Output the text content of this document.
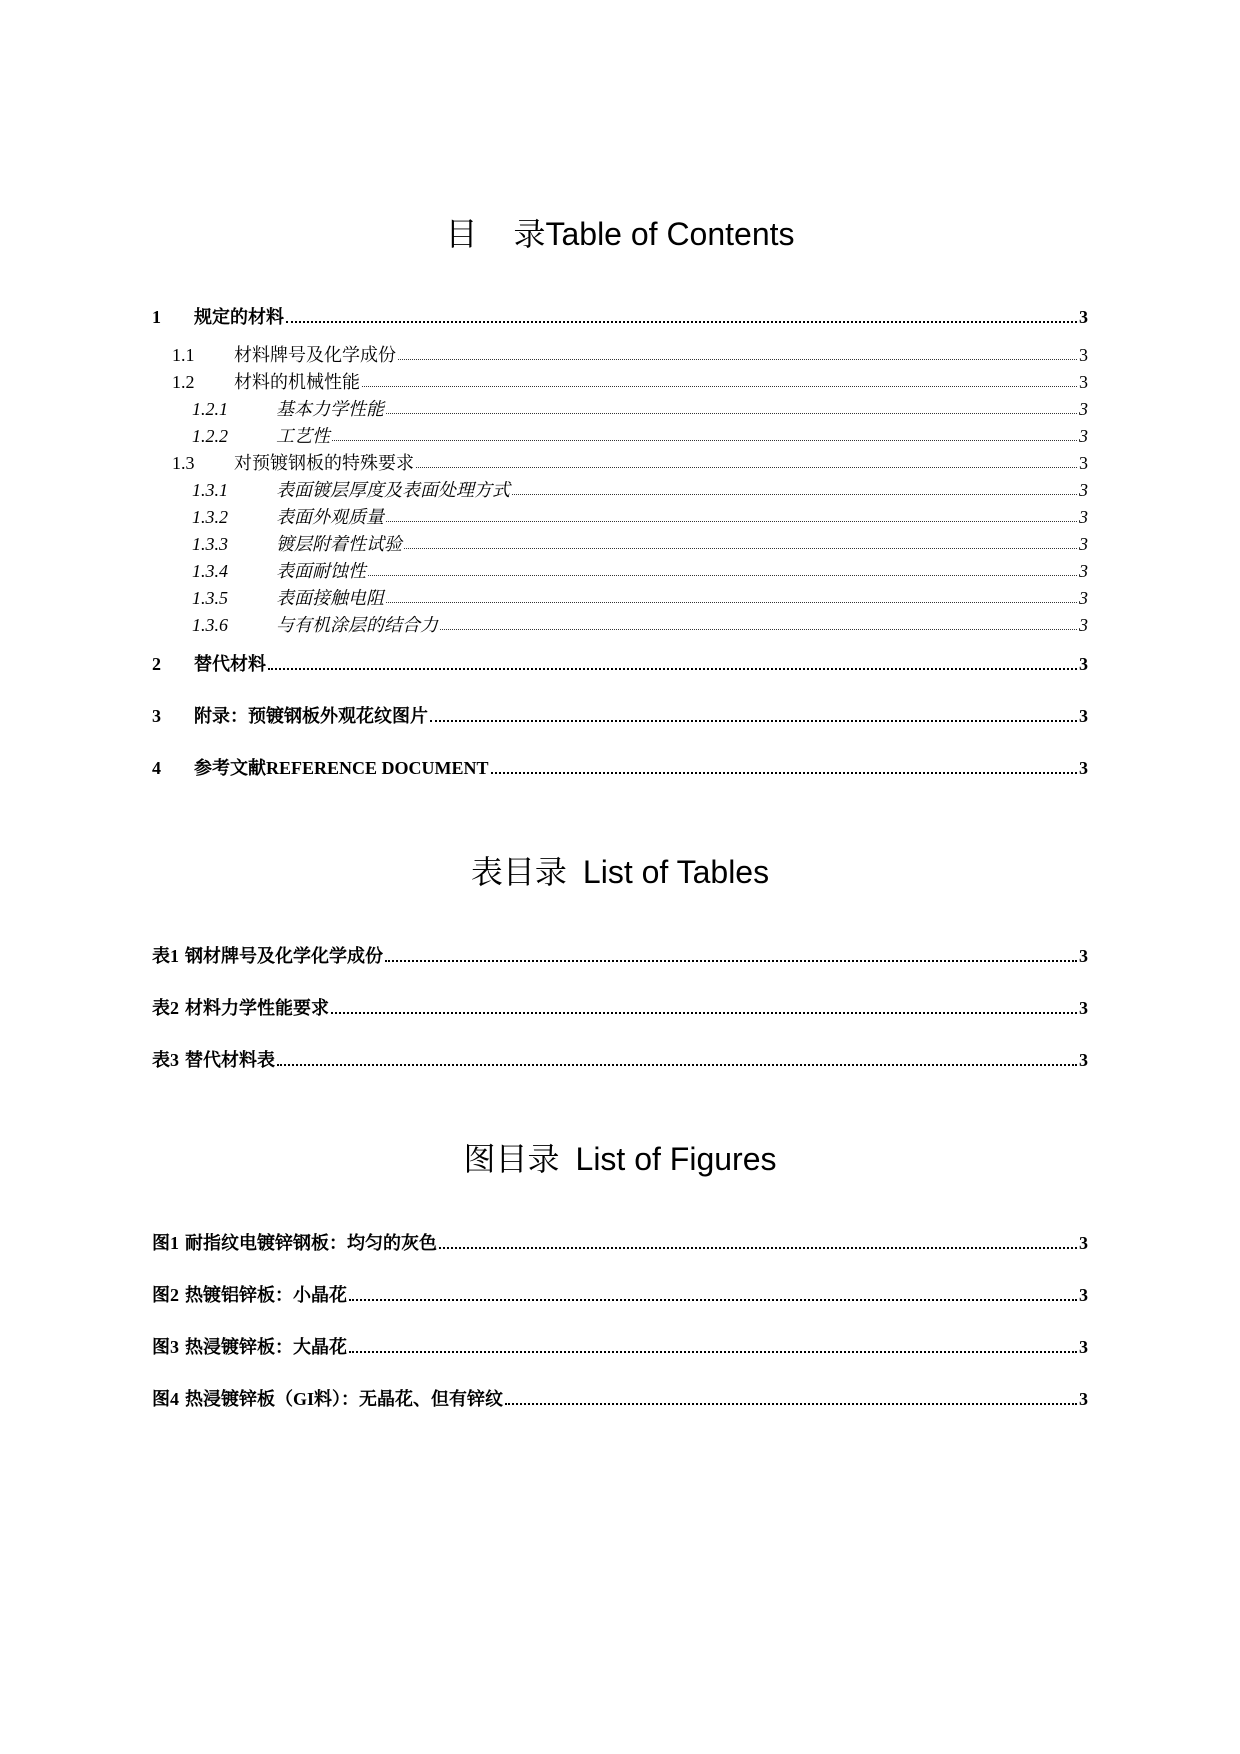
目 录Table of Contents
1	规定的材料	3
1.1	材料牌号及化学成份	3
1.2	材料的机械性能	3
1.2.1	基本力学性能	3
1.2.2	工艺性	3
1.3	对预镀钢板的特殊要求	3
1.3.1	表面镀层厚度及表面处理方式	3
1.3.2	表面外观质量	3
1.3.3	镀层附着性试验	3
1.3.4	表面耐蚀性	3
1.3.5	表面接触电阻	3
1.3.6	与有机涂层的结合力	3
2	替代材料	3
3	附录：预镀钢板外观花纹图片	3
4	参考文献REFERENCE DOCUMENT	3
表目录 List of Tables
表1 钢材牌号及化学化学成份	3
表2 材料力学性能要求	3
表3 替代材料表	3
图目录 List of Figures
图1 耐指纹电镀锌钢板：均匀的灰色	3
图2 热镀铝锌板：小晶花	3
图3 热浸镀锌板：大晶花	3
图4 热浸镀锌板（GI料）：无晶花、但有锌纹	3
